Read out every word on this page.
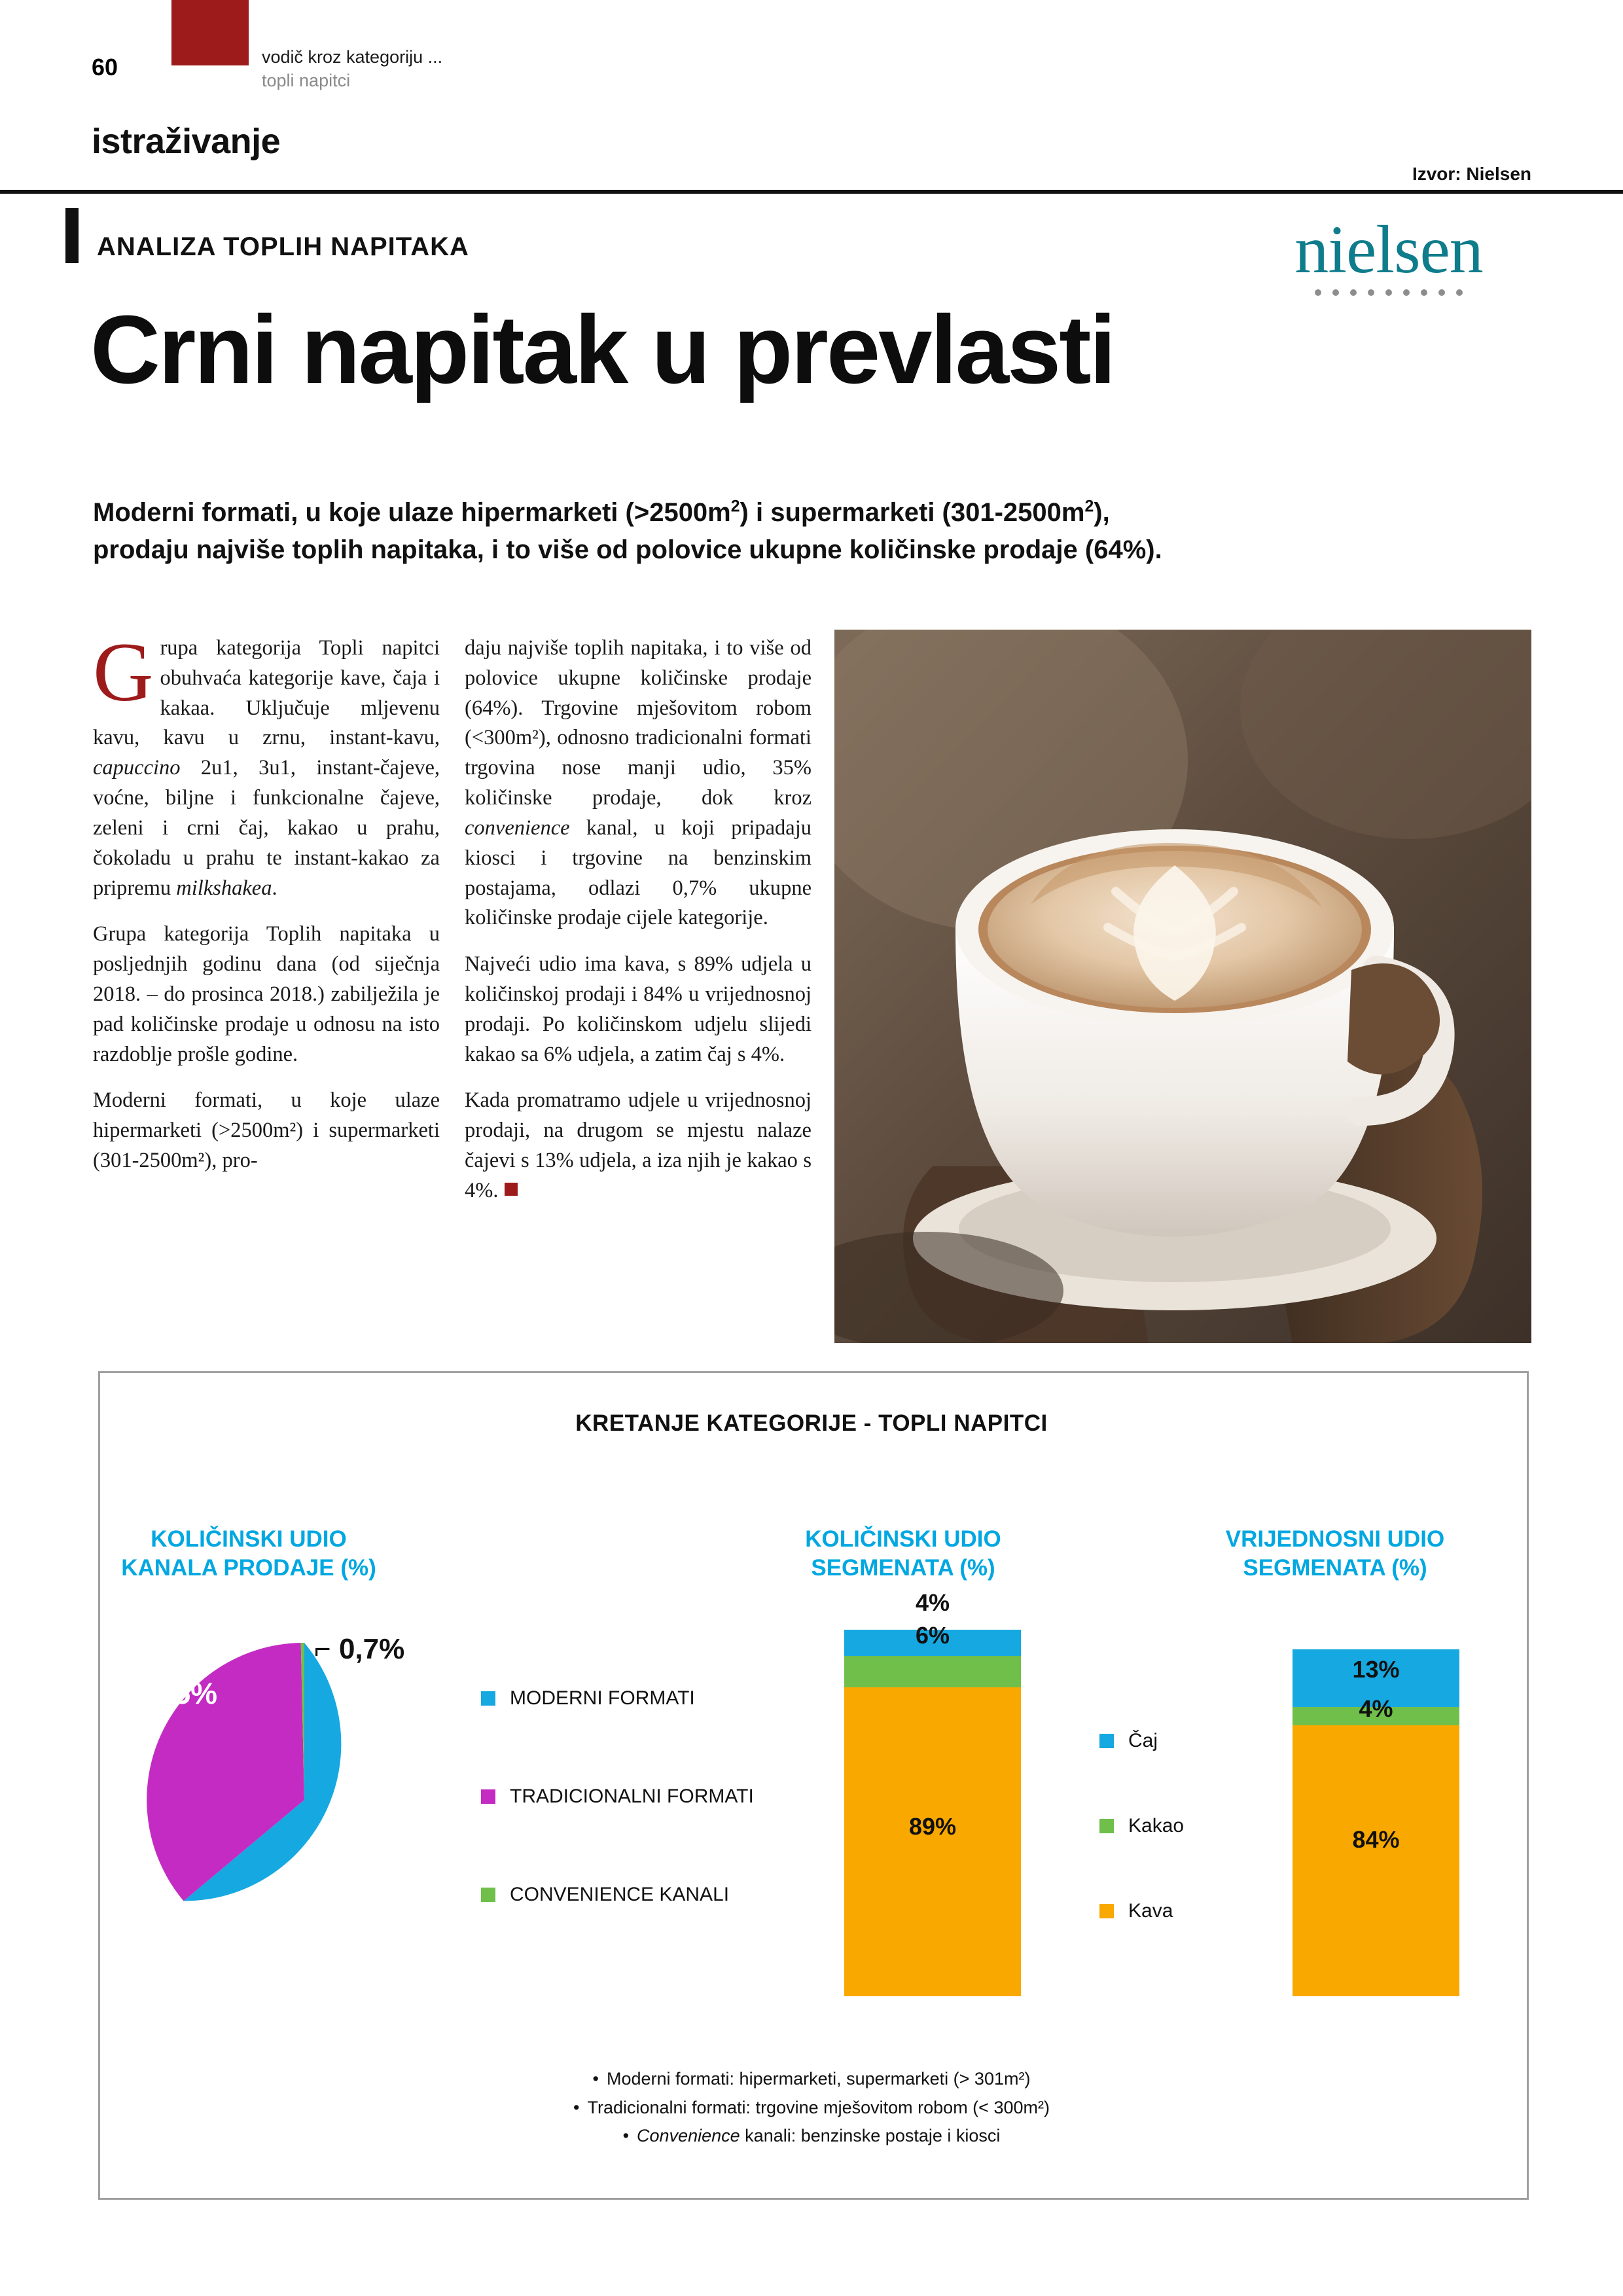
60	vodič kroz kategoriju ...
topli napitci
istraživanje
Izvor: Nielsen
ANALIZA TOPLIH NAPITAKA
Crni napitak u prevlasti
Moderni formati, u koje ulaze hipermarketi $(>2500m^2)$ i supermarketi $(301-2500m^2)$,
prodaju najviše toplih napitaka, i to više od polovice ukupne količinske prodaje (64%).
nielsen

Grupa kategorija Topli napitci obuhvaća kategorije kave, čaja i kakaa. Uključuje mljevenu kavu, kavu u zrnu, instant-kavu, capuccino 2u1, 3u1, instant-čajeve, voćne, biljne i funkcionalne čajeve, zeleni i crni čaj, kakao u prahu, čokoladu u prahu te instant-kakao za pripremu milkshakea.

Grupa kategorija Toplih napitaka u posljednjih godinu dana (od siječnja 2018. – do prosinca 2018.) zabilježila je pad količinske prodaje u odnosu na isto razdoblje prošle godine.

Moderni formati, u koje ulaze hipermarketi (>2500m²) i supermarketi (301-2500m²), pro-

daju najviše toplih napitaka, i to više od polovice ukupne količinske prodaje (64%). Trgovine mješovitom robom (<300m²), odnosno tradicionalni formati trgovina nose manji udio, 35% količinske prodaje, dok kroz convenience kanal, u koji pripadaju kiosci i trgovine na benzinskim postajama, odlazi 0,7% ukupne količinske prodaje cijele kategorije.

Najveći udio ima kava, s 89% udjela u količinskoj prodaji i 84% u vrijednosnoj prodaji. Po količinskom udjelu slijedi kakao sa 6% udjela, a zatim čaj s 4%.

Kada promatramo udjele u vrijednosnoj prodaji, na drugom se mjestu nalaze čajevi s 13% udjela, a iza njih je kakao s 4%.

KRETANJE KATEGORIJE - TOPLI NAPITCI
KOLIČINSKI UDIO
KANALA PRODAJE (%)
KOLIČINSKI UDIO
SEGMENATA (%)
VRIJEDNOSNI UDIO
SEGMENATA (%)
64%
35%
⌐ 0,7%
MODERNI FORMATI
TRADICIONALNI FORMATI
CONVENIENCE KANALI
4%
6%
89%
13%
4%
84%
Čaj
Kakao
Kava
• Moderni formati: hipermarketi, supermarketi (> 301m²)
• Tradicionalni formati: trgovine mješovitom robom (< 300m²)
• Convenience kanali: benzinske postaje i kiosci
